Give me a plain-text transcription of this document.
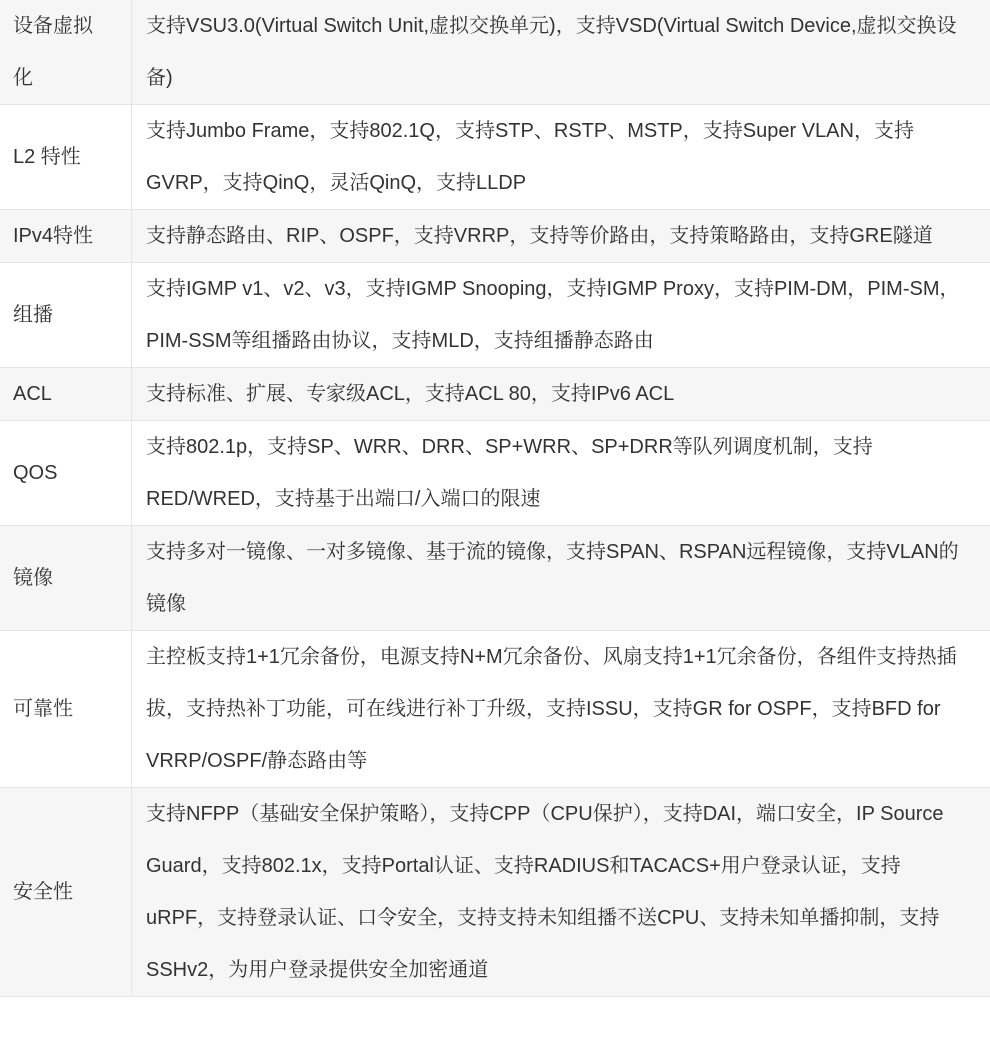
设备虚拟化	支持VSU3.0(Virtual Switch Unit,虚拟交换单元)，支持VSD(Virtual Switch Device,虚拟交换设备)
L2 特性	支持Jumbo Frame，支持802.1Q，支持STP、RSTP、MSTP，支持Super VLAN，支持GVRP，支持QinQ，灵活QinQ，支持LLDP
IPv4特性	支持静态路由、RIP、OSPF，支持VRRP，支持等价路由，支持策略路由，支持GRE隧道
组播	支持IGMP v1、v2、v3，支持IGMP Snooping，支持IGMP Proxy，支持PIM-DM，PIM-SM，PIM-SSM等组播路由协议，支持MLD，支持组播静态路由
ACL	支持标准、扩展、专家级ACL，支持ACL 80，支持IPv6 ACL
QOS	支持802.1p，支持SP、WRR、DRR、SP+WRR、SP+DRR等队列调度机制，支持RED/WRED，支持基于出端口/入端口的限速
镜像	支持多对一镜像、一对多镜像、基于流的镜像，支持SPAN、RSPAN远程镜像，支持VLAN的镜像
可靠性	主控板支持1+1冗余备份，电源支持N+M冗余备份、风扇支持1+1冗余备份，各组件支持热插拔，支持热补丁功能，可在线进行补丁升级，支持ISSU，支持GR for OSPF，支持BFD for VRRP/OSPF/静态路由等
安全性	支持NFPP（基础安全保护策略），支持CPP（CPU保护），支持DAI，端口安全，IP Source Guard，支持802.1x，支持Portal认证、支持RADIUS和TACACS+用户登录认证，支持uRPF，支持登录认证、口令安全，支持支持未知组播不送CPU、支持未知单播抑制，支持SSHv2，为用户登录提供安全加密通道
